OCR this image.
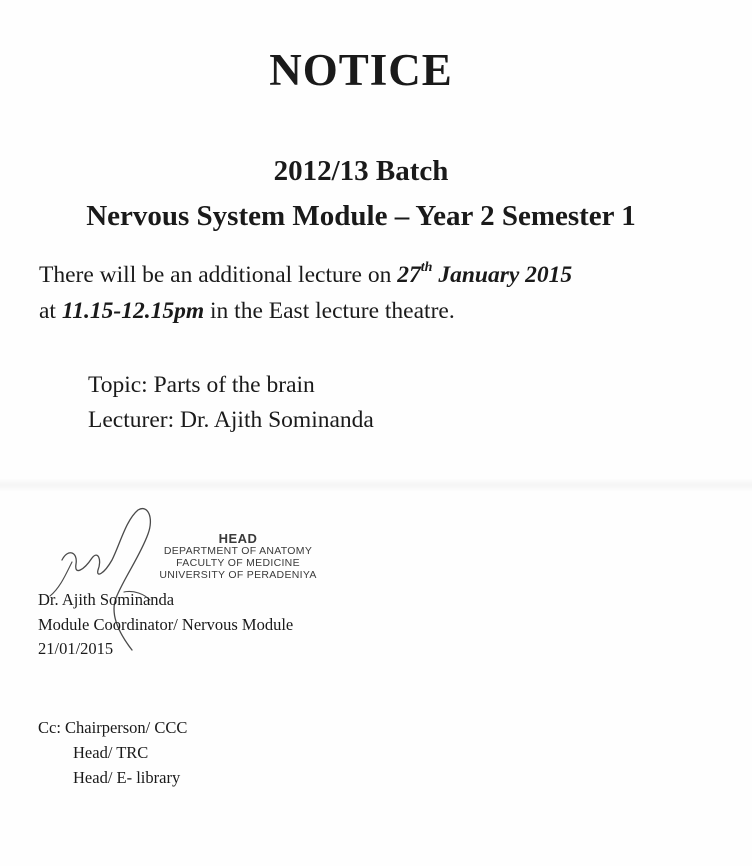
NOTICE
2012/13 Batch
Nervous System Module – Year 2 Semester 1
There will be an additional lecture on 27th January 2015
at 11.15-12.15pm in the East lecture theatre.
Topic: Parts of the brain
Lecturer: Dr. Ajith Sominanda
HEAD
DEPARTMENT OF ANATOMY
FACULTY OF MEDICINE
UNIVERSITY OF PERADENIYA
Dr. Ajith Sominanda
Module Coordinator/ Nervous Module
21/01/2015
Cc: Chairperson/ CCC
Head/ TRC
Head/ E- library
